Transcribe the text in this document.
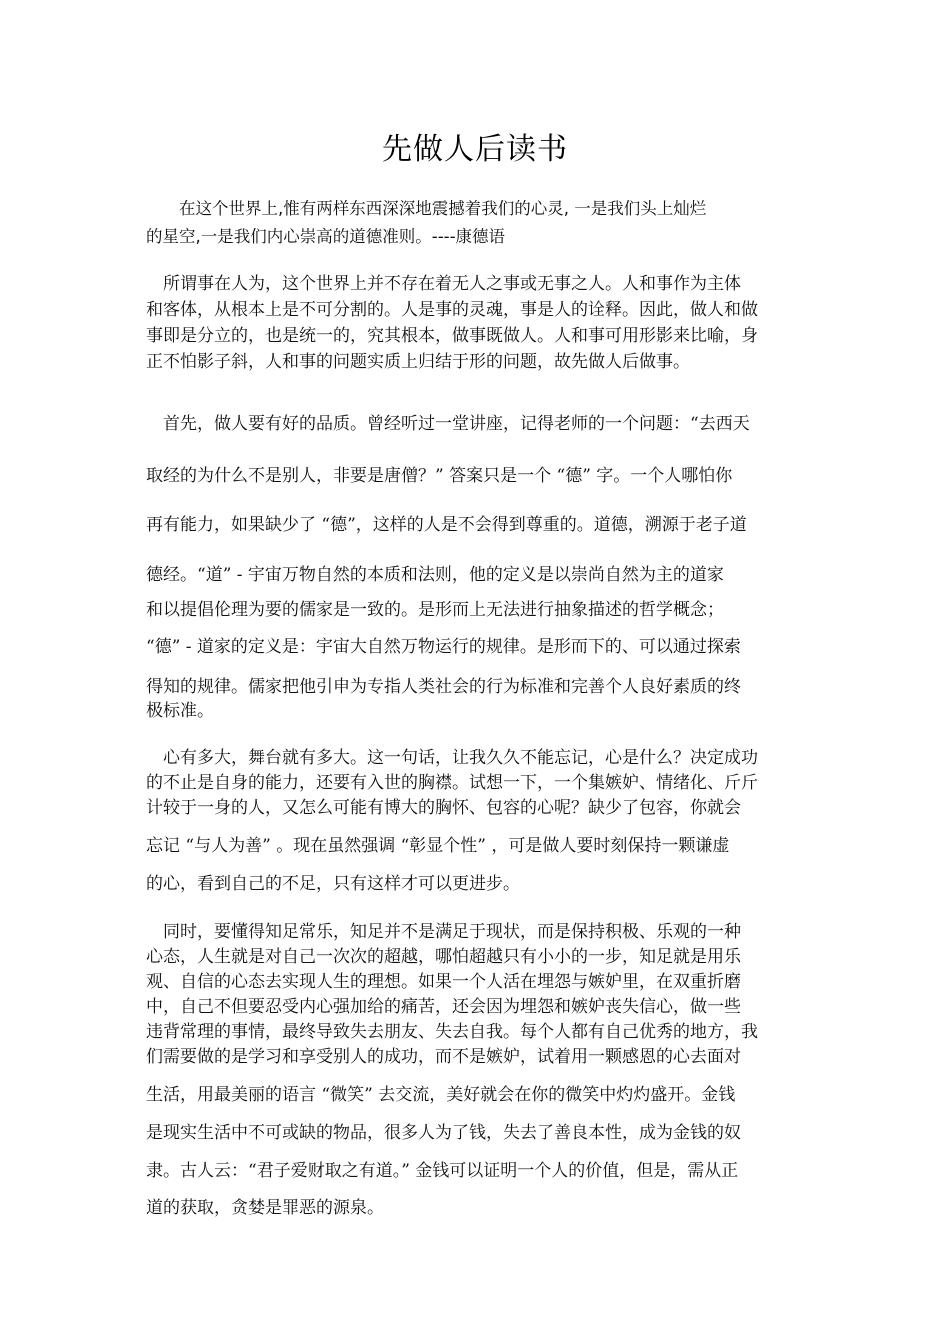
先做人后读书
　　在这个世界上,惟有两样东西深深地震撼着我们的心灵, 一是我们头上灿烂
的星空,一是我们内心崇高的道德准则。----康德语
　所谓事在人为，这个世界上并不存在着无人之事或无事之人。人和事作为主体
和客体，从根本上是不可分割的。人是事的灵魂，事是人的诠释。因此，做人和做
事即是分立的，也是统一的，究其根本，做事既做人。人和事可用形影来比喻，身
正不怕影子斜，人和事的问题实质上归结于形的问题，故先做人后做事。
　首先，做人要有好的品质。曾经听过一堂讲座，记得老师的一个问题：“去西天
取经的为什么不是别人，非要是唐僧？” 答案只是一个 “德” 字。一个人哪怕你
再有能力，如果缺少了 “德”，这样的人是不会得到尊重的。道德，溯源于老子道
德经。“道” - 宇宙万物自然的本质和法则，他的定义是以崇尚自然为主的道家
和以提倡伦理为要的儒家是一致的。是形而上无法进行抽象描述的哲学概念；
“德” - 道家的定义是：宇宙大自然万物运行的规律。是形而下的、可以通过探索
得知的规律。儒家把他引申为专指人类社会的行为标准和完善个人良好素质的终
极标准。
　心有多大，舞台就有多大。这一句话，让我久久不能忘记，心是什么？决定成功
的不止是自身的能力，还要有入世的胸襟。试想一下，一个集嫉妒、情绪化、斤斤
计较于一身的人，又怎么可能有博大的胸怀、包容的心呢？缺少了包容，你就会
忘记 “与人为善” 。现在虽然强调 “彰显个性” ，可是做人要时刻保持一颗谦虚
的心，看到自己的不足，只有这样才可以更进步。
　同时，要懂得知足常乐，知足并不是满足于现状，而是保持积极、乐观的一种
心态，人生就是对自己一次次的超越，哪怕超越只有小小的一步，知足就是用乐
观、自信的心态去实现人生的理想。如果一个人活在埋怨与嫉妒里，在双重折磨
中，自己不但要忍受内心强加给的痛苦，还会因为埋怨和嫉妒丧失信心，做一些
违背常理的事情，最终导致失去朋友、失去自我。每个人都有自己优秀的地方，我
们需要做的是学习和享受别人的成功，而不是嫉妒，试着用一颗感恩的心去面对
生活，用最美丽的语言 “微笑” 去交流，美好就会在你的微笑中灼灼盛开。金钱
是现实生活中不可或缺的物品，很多人为了钱，失去了善良本性，成为金钱的奴
隶。古人云：“君子爱财取之有道。” 金钱可以证明一个人的价值，但是，需从正
道的获取，贪婪是罪恶的源泉。
